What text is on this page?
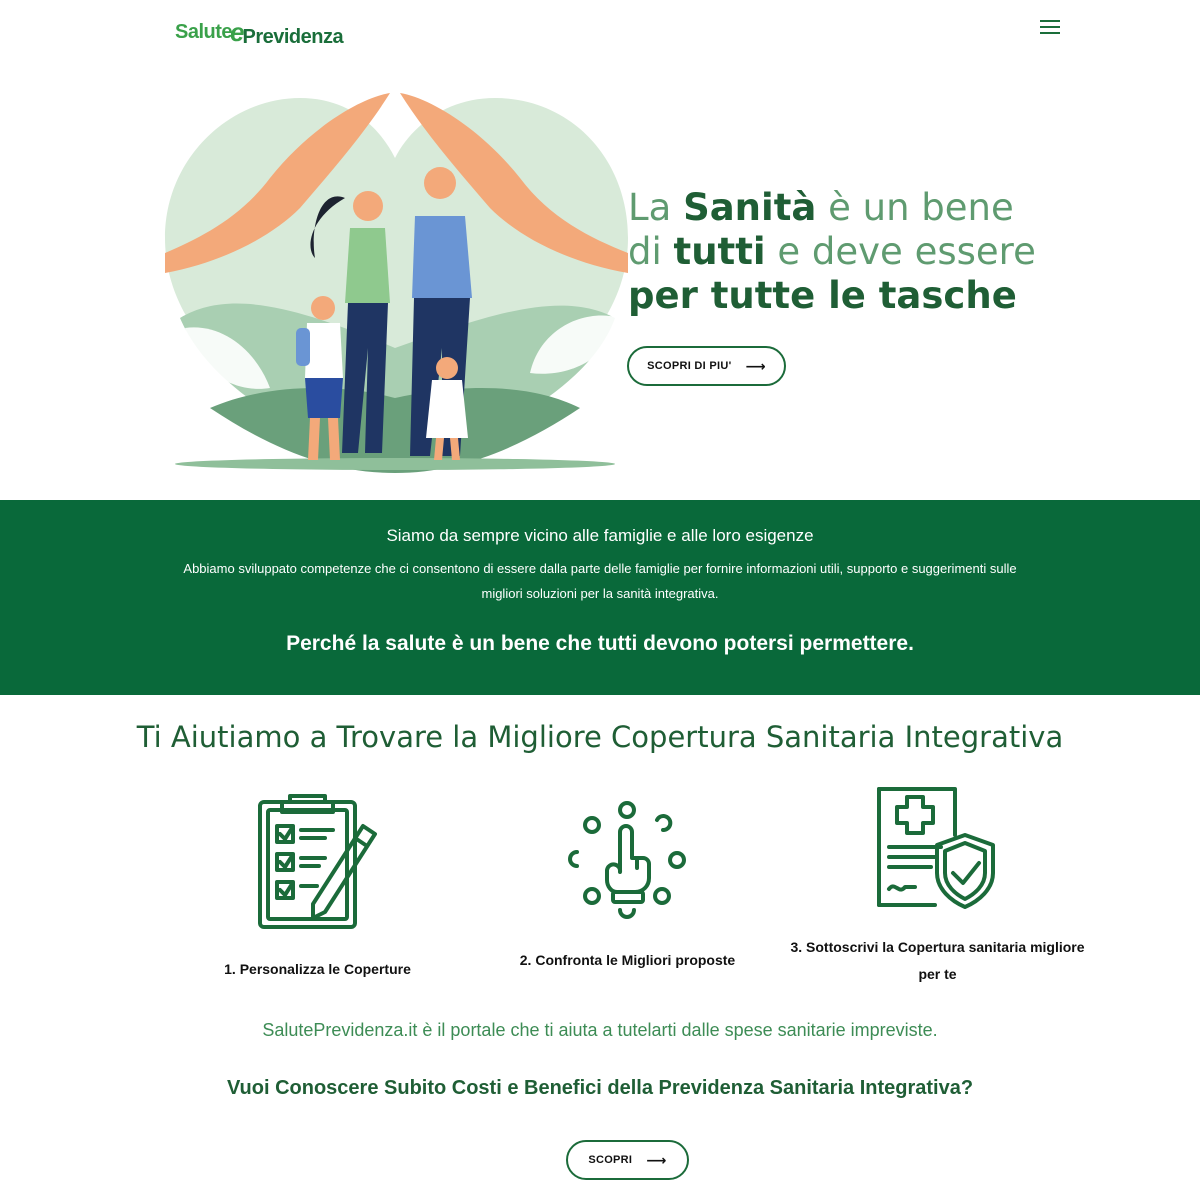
Salute
e
Previdenza
La Sanità è un bene
di tutti e deve essere
per tutte le tasche
SCOPRI DI PIU' ⟶
Siamo da sempre vicino alle famiglie e alle loro esigenze

Abbiamo sviluppato competenze che ci consentono di essere dalla parte delle famiglie per fornire informazioni utili, supporto e suggerimenti sulle migliori soluzioni per la sanità integrativa.

Perché la salute è un bene che tutti devono potersi permettere.
Ti Aiutiamo a Trovare la Migliore Copertura Sanitaria Integrativa
1. Personalizza le Coperture
2. Confronta le Migliori proposte
3. Sottoscrivi la Copertura sanitaria migliore per te

SalutePrevidenza.it è il portale che ti aiuta a tutelarti dalle spese sanitarie impreviste.

Vuoi Conoscere Subito Costi e Benefici della Previdenza Sanitaria Integrativa?
SCOPRI ⟶
